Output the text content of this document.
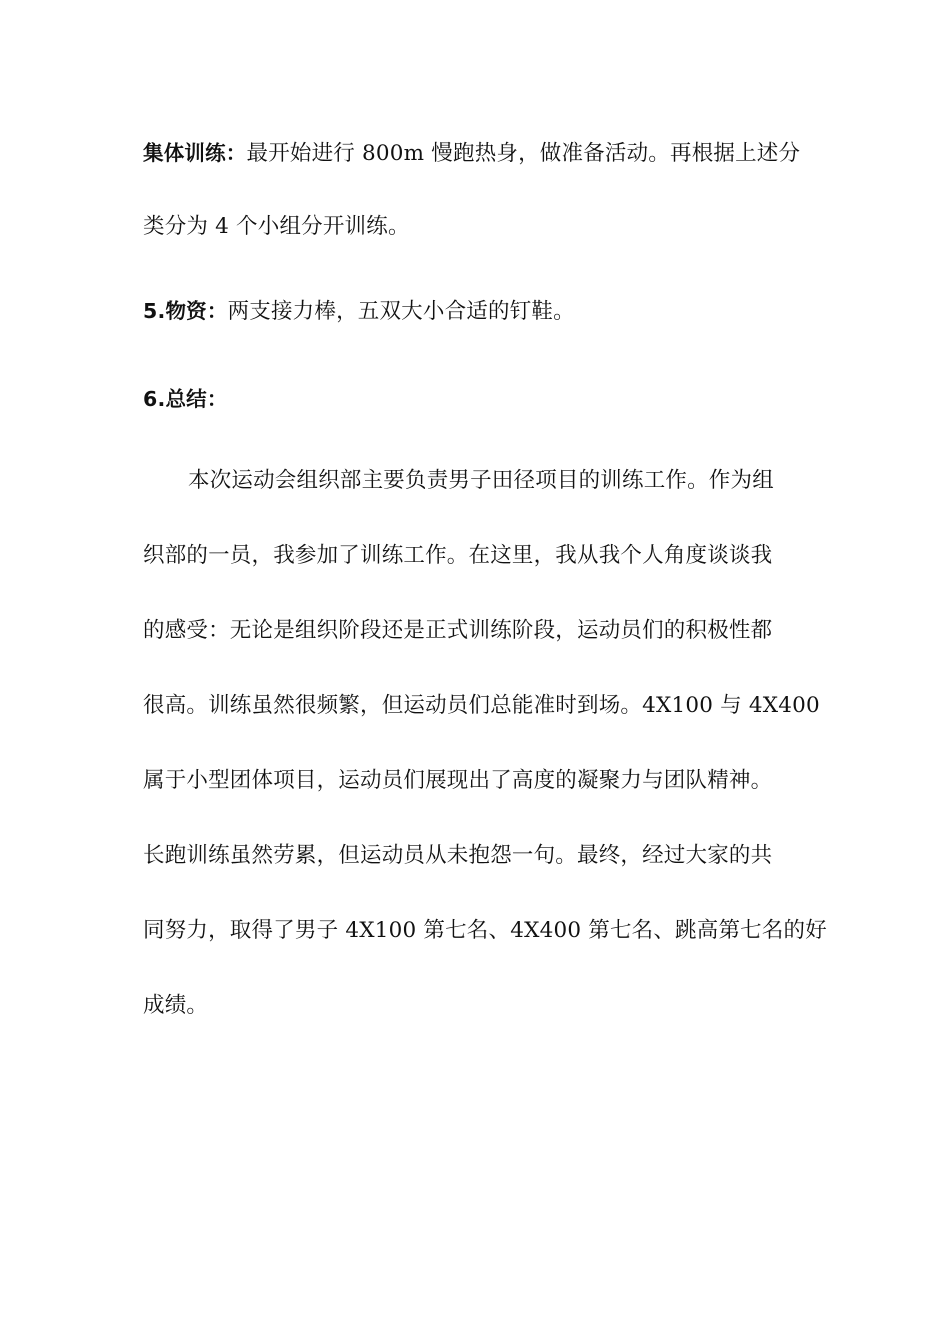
集体训练：最开始进行 800m 慢跑热身，做准备活动。再根据上述分
类分为 4 个小组分开训练。
5.物资：两支接力棒，五双大小合适的钉鞋。
6.总结：
本次运动会组织部主要负责男子田径项目的训练工作。作为组
织部的一员，我参加了训练工作。在这里，我从我个人角度谈谈我
的感受：无论是组织阶段还是正式训练阶段，运动员们的积极性都
很高。训练虽然很频繁，但运动员们总能准时到场。4X100 与 4X400
属于小型团体项目，运动员们展现出了高度的凝聚力与团队精神。
长跑训练虽然劳累，但运动员从未抱怨一句。最终，经过大家的共
同努力，取得了男子 4X100 第七名、4X400 第七名、跳高第七名的好
成绩。
